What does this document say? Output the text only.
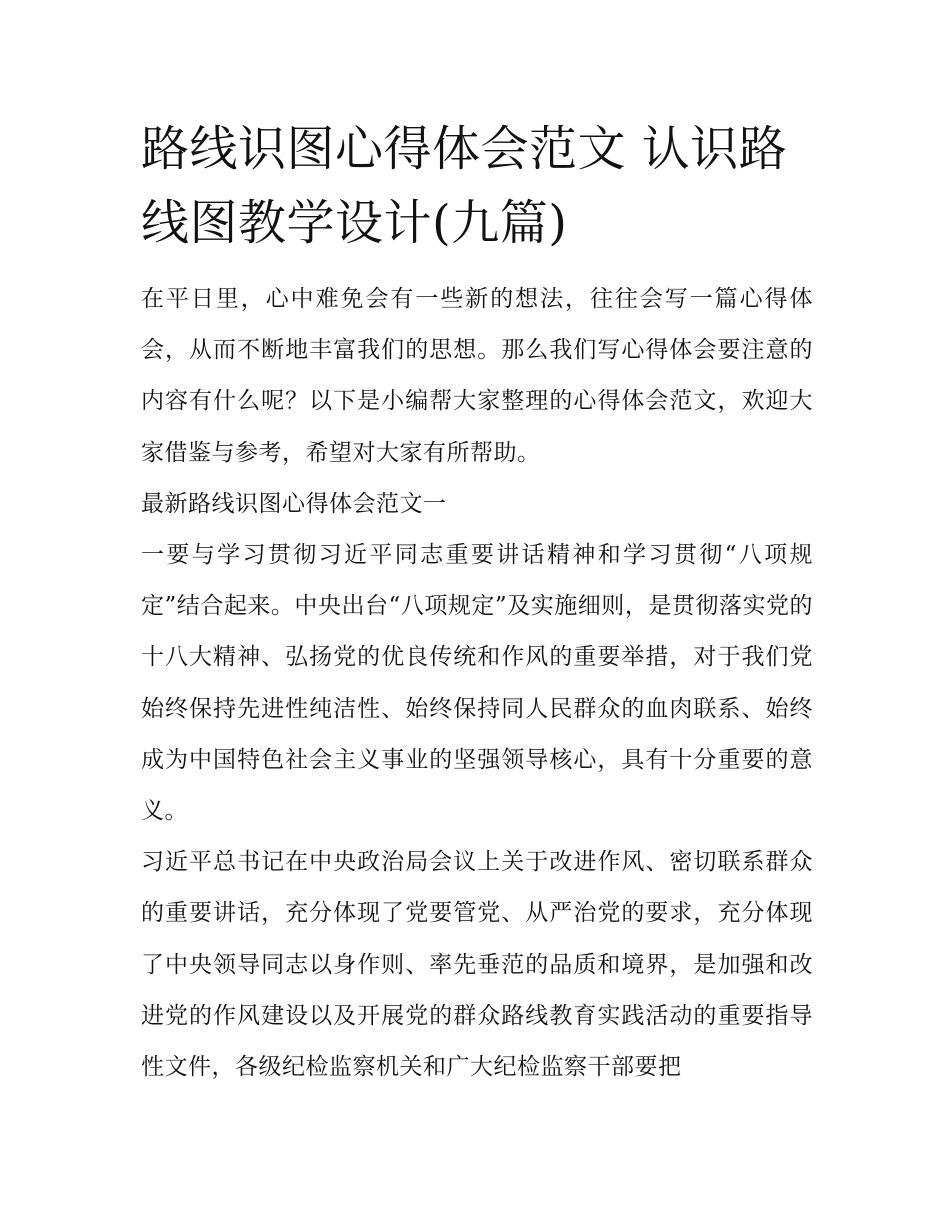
路线识图心得体会范文 认识路线图教学设计(九篇)

在平日里，心中难免会有一些新的想法，往往会写一篇心得体会，从而不断地丰富我们的思想。那么我们写心得体会要注意的内容有什么呢？以下是小编帮大家整理的心得体会范文，欢迎大家借鉴与参考，希望对大家有所帮助。

最新路线识图心得体会范文一

一要与学习贯彻习近平同志重要讲话精神和学习贯彻“八项规定”结合起来。中央出台“八项规定”及实施细则，是贯彻落实党的十八大精神、弘扬党的优良传统和作风的重要举措，对于我们党始终保持先进性纯洁性、始终保持同人民群众的血肉联系、始终成为中国特色社会主义事业的坚强领导核心，具有十分重要的意义。

习近平总书记在中央政治局会议上关于改进作风、密切联系群众的重要讲话，充分体现了党要管党、从严治党的要求，充分体现了中央领导同志以身作则、率先垂范的品质和境界，是加强和改进党的作风建设以及开展党的群众路线教育实践活动的重要指导性文件，各级纪检监察机关和广大纪检监察干部要把
